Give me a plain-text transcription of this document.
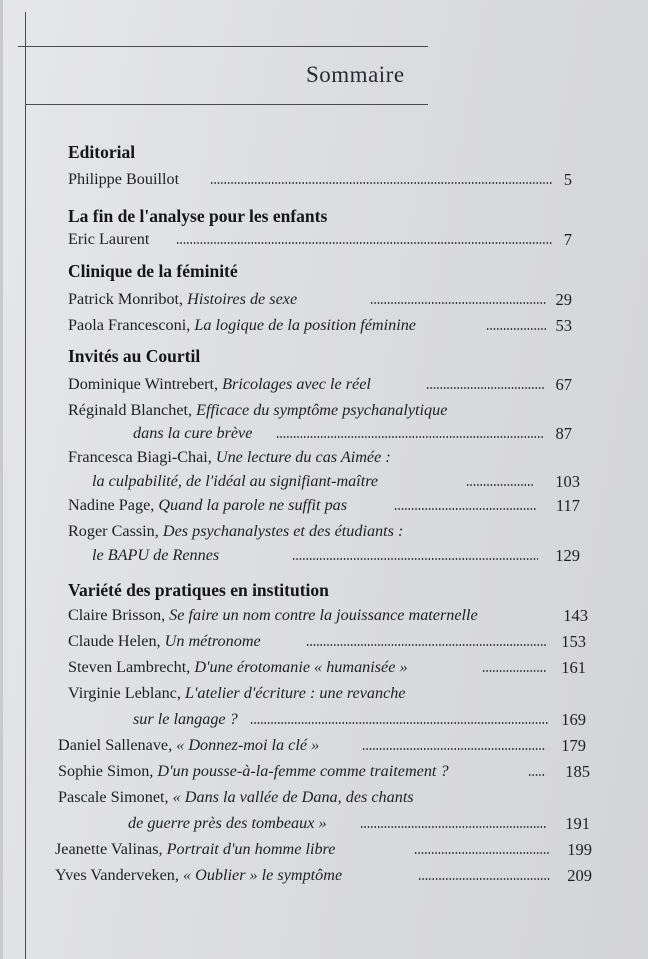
Sommaire
Editorial
Philippe Bouillot	5
La fin de l'analyse pour les enfants
Eric Laurent	7
Clinique de la féminité
Patrick Monribot, Histoires de sexe	29
Paola Francesconi, La logique de la position féminine	53
Invités au Courtil
Dominique Wintrebert, Bricolages avec le réel	67
Réginald Blanchet, Efficace du symptôme psychanalytique
dans la cure brève	87
Francesca Biagi-Chai, Une lecture du cas Aimée :
la culpabilité, de l'idéal au signifiant-maître	103
Nadine Page, Quand la parole ne suffit pas	117
Roger Cassin, Des psychanalystes et des étudiants :
le BAPU de Rennes	129
Variété des pratiques en institution
Claire Brisson, Se faire un nom contre la jouissance maternelle	143
Claude Helen, Un métronome	153
Steven Lambrecht, D'une érotomanie « humanisée »	161
Virginie Leblanc, L'atelier d'écriture : une revanche
sur le langage ?	169
Daniel Sallenave, « Donnez-moi la clé »	179
Sophie Simon, D'un pousse-à-la-femme comme traitement ?	185
Pascale Simonet, « Dans la vallée de Dana, des chants
de guerre près des tombeaux »	191
Jeanette Valinas, Portrait d'un homme libre	199
Yves Vanderveken, « Oublier » le symptôme	209
